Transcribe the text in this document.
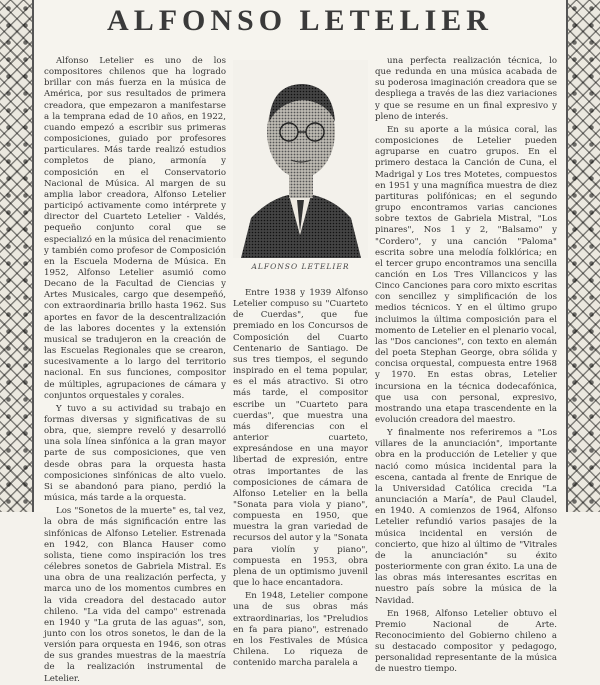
ALFONSO LETELIER

Alfonso Letelier es uno de los compositores chilenos que ha logrado brillar con más fuerza en la música de América, por sus resultados de primera creadora, que empezaron a manifestarse a la temprana edad de 10 años, en 1922, cuando empezó a escribir sus primeras composiciones, guiado por profesores particulares. Más tarde realizó estudios completos de piano, armonía y composición en el Conservatorio Nacional de Música. Al margen de su amplia labor creadora, Alfonso Letelier participó activamente como intérprete y director del Cuarteto Letelier - Valdés, pequeño conjunto coral que se especializó en la música del renacimiento y también como profesor de Composición en la Escuela Moderna de Música. En 1952, Alfonso Letelier asumió como Decano de la Facultad de Ciencias y Artes Musicales, cargo que desempeñó, con extraordinaria brillo hasta 1962. Sus aportes en favor de la descentralización de las labores docentes y la extensión musical se tradujeron en la creación de las Escuelas Regionales que se crearon, sucesivamente a lo largo del territorio nacional. En sus funciones, compositor de múltiples, agrupaciones de cámara y conjuntos orquestales y corales.

Y tuvo a su actividad su trabajo en formas diversas y significativas de su obra, que, siempre reveló y desarrolló una sola línea sinfónica a la gran mayor parte de sus composiciones, que ven desde obras para la orquesta hasta composiciones sinfónicas de alto vuelo. Si se abandonó para piano, perdió la música, más tarde a la orquesta.

Los "Sonetos de la muerte" es, tal vez, la obra de más significación entre las sinfónicas de Alfonso Letelier. Estrenada en 1942, con Blanca Hauser como solista, tiene como inspiración los tres célebres sonetos de Gabriela Mistral. Es una obra de una realización perfecta, y marca uno de los momentos cumbres en la vida creadora del destacado autor chileno. "La vida del campo" estrenada en 1940 y "La gruta de las aguas", son, junto con los otros sonetos, le dan de la versión para orquesta en 1946, son otras de sus grandes muestras de la maestría de la realización instrumental de Letelier.

ALFONSO LETELIER

Entre 1938 y 1939 Alfonso Letelier compuso su "Cuarteto de Cuerdas", que fue premiado en los Concursos de Composición del Cuarto Centenario de Santiago. De sus tres tiempos, el segundo inspirado en el tema popular, es el más atractivo. Si otro más tarde, el compositor escribe un "Cuarteto para cuerdas", que muestra una más diferencias con el anterior cuarteto, expresándose en una mayor libertad de expresión, entre otras importantes de las composiciones de cámara de Alfonso Letelier en la bella "Sonata para viola y piano", compuesta en 1950, que muestra la gran variedad de recursos del autor y la "Sonata para violín y piano", compuesta en 1953, obra plena de un optimismo juvenil que lo hace encantadora.

En 1948, Letelier compone una de sus obras más extraordinarias, los "Preludios en fa para piano", estrenado en los Festivales de Música Chilena. Lo riqueza de contenido marcha paralela a

una perfecta realización técnica, lo que redunda en una música acabada de su poderosa imaginación creadora que se despliega a través de las diez variaciones y que se resume en un final expresivo y pleno de interés.

En su aporte a la música coral, las composiciones de Letelier pueden agruparse en cuatro grupos. En el primero destaca la Canción de Cuna, el Madrigal y Los tres Motetes, compuestos en 1951 y una magnífica muestra de diez partituras polifónicas; en el segundo grupo encontramos varias canciones sobre textos de Gabriela Mistral, "Los pinares", Nos 1 y 2, "Balsamo" y "Cordero", y una canción "Paloma" escrita sobre una melodía folklórica; en el tercer grupo encontramos una sencilla canción en Los Tres Villancicos y las Cinco Canciones para coro mixto escritas con sencillez y simplificación de los medios técnicos. Y en el último grupo incluimos la última composición para el momento de Letelier en el plenario vocal, las "Dos canciones", con texto en alemán del poeta Stephan George, obra sólida y concisa orquestal, compuesta entre 1968 y 1970. En estas obras, Letelier incursiona en la técnica dodecafónica, que usa con personal, expresivo, mostrando una etapa trascendente en la evolución creadora del maestro.

Y finalmente nos referiremos a "Los villares de la anunciación", importante obra en la producción de Letelier y que nació como música incidental para la escena, cantada al frente de Enrique de la Universidad Católica crecida "La anunciación a María", de Paul Claudel, en 1940. A comienzos de 1964, Alfonso Letelier refundió varios pasajes de la música incidental en versión de concierto, que hizo al último de "Vitrales de la anunciación" su éxito posteriormente con gran éxito. La una de las obras más interesantes escritas en nuestro país sobre la música de la Navidad.

En 1968, Alfonso Letelier obtuvo el Premio Nacional de Arte. Reconocimiento del Gobierno chileno a su destacado compositor y pedagogo, personalidad representante de la música de nuestro tiempo.
